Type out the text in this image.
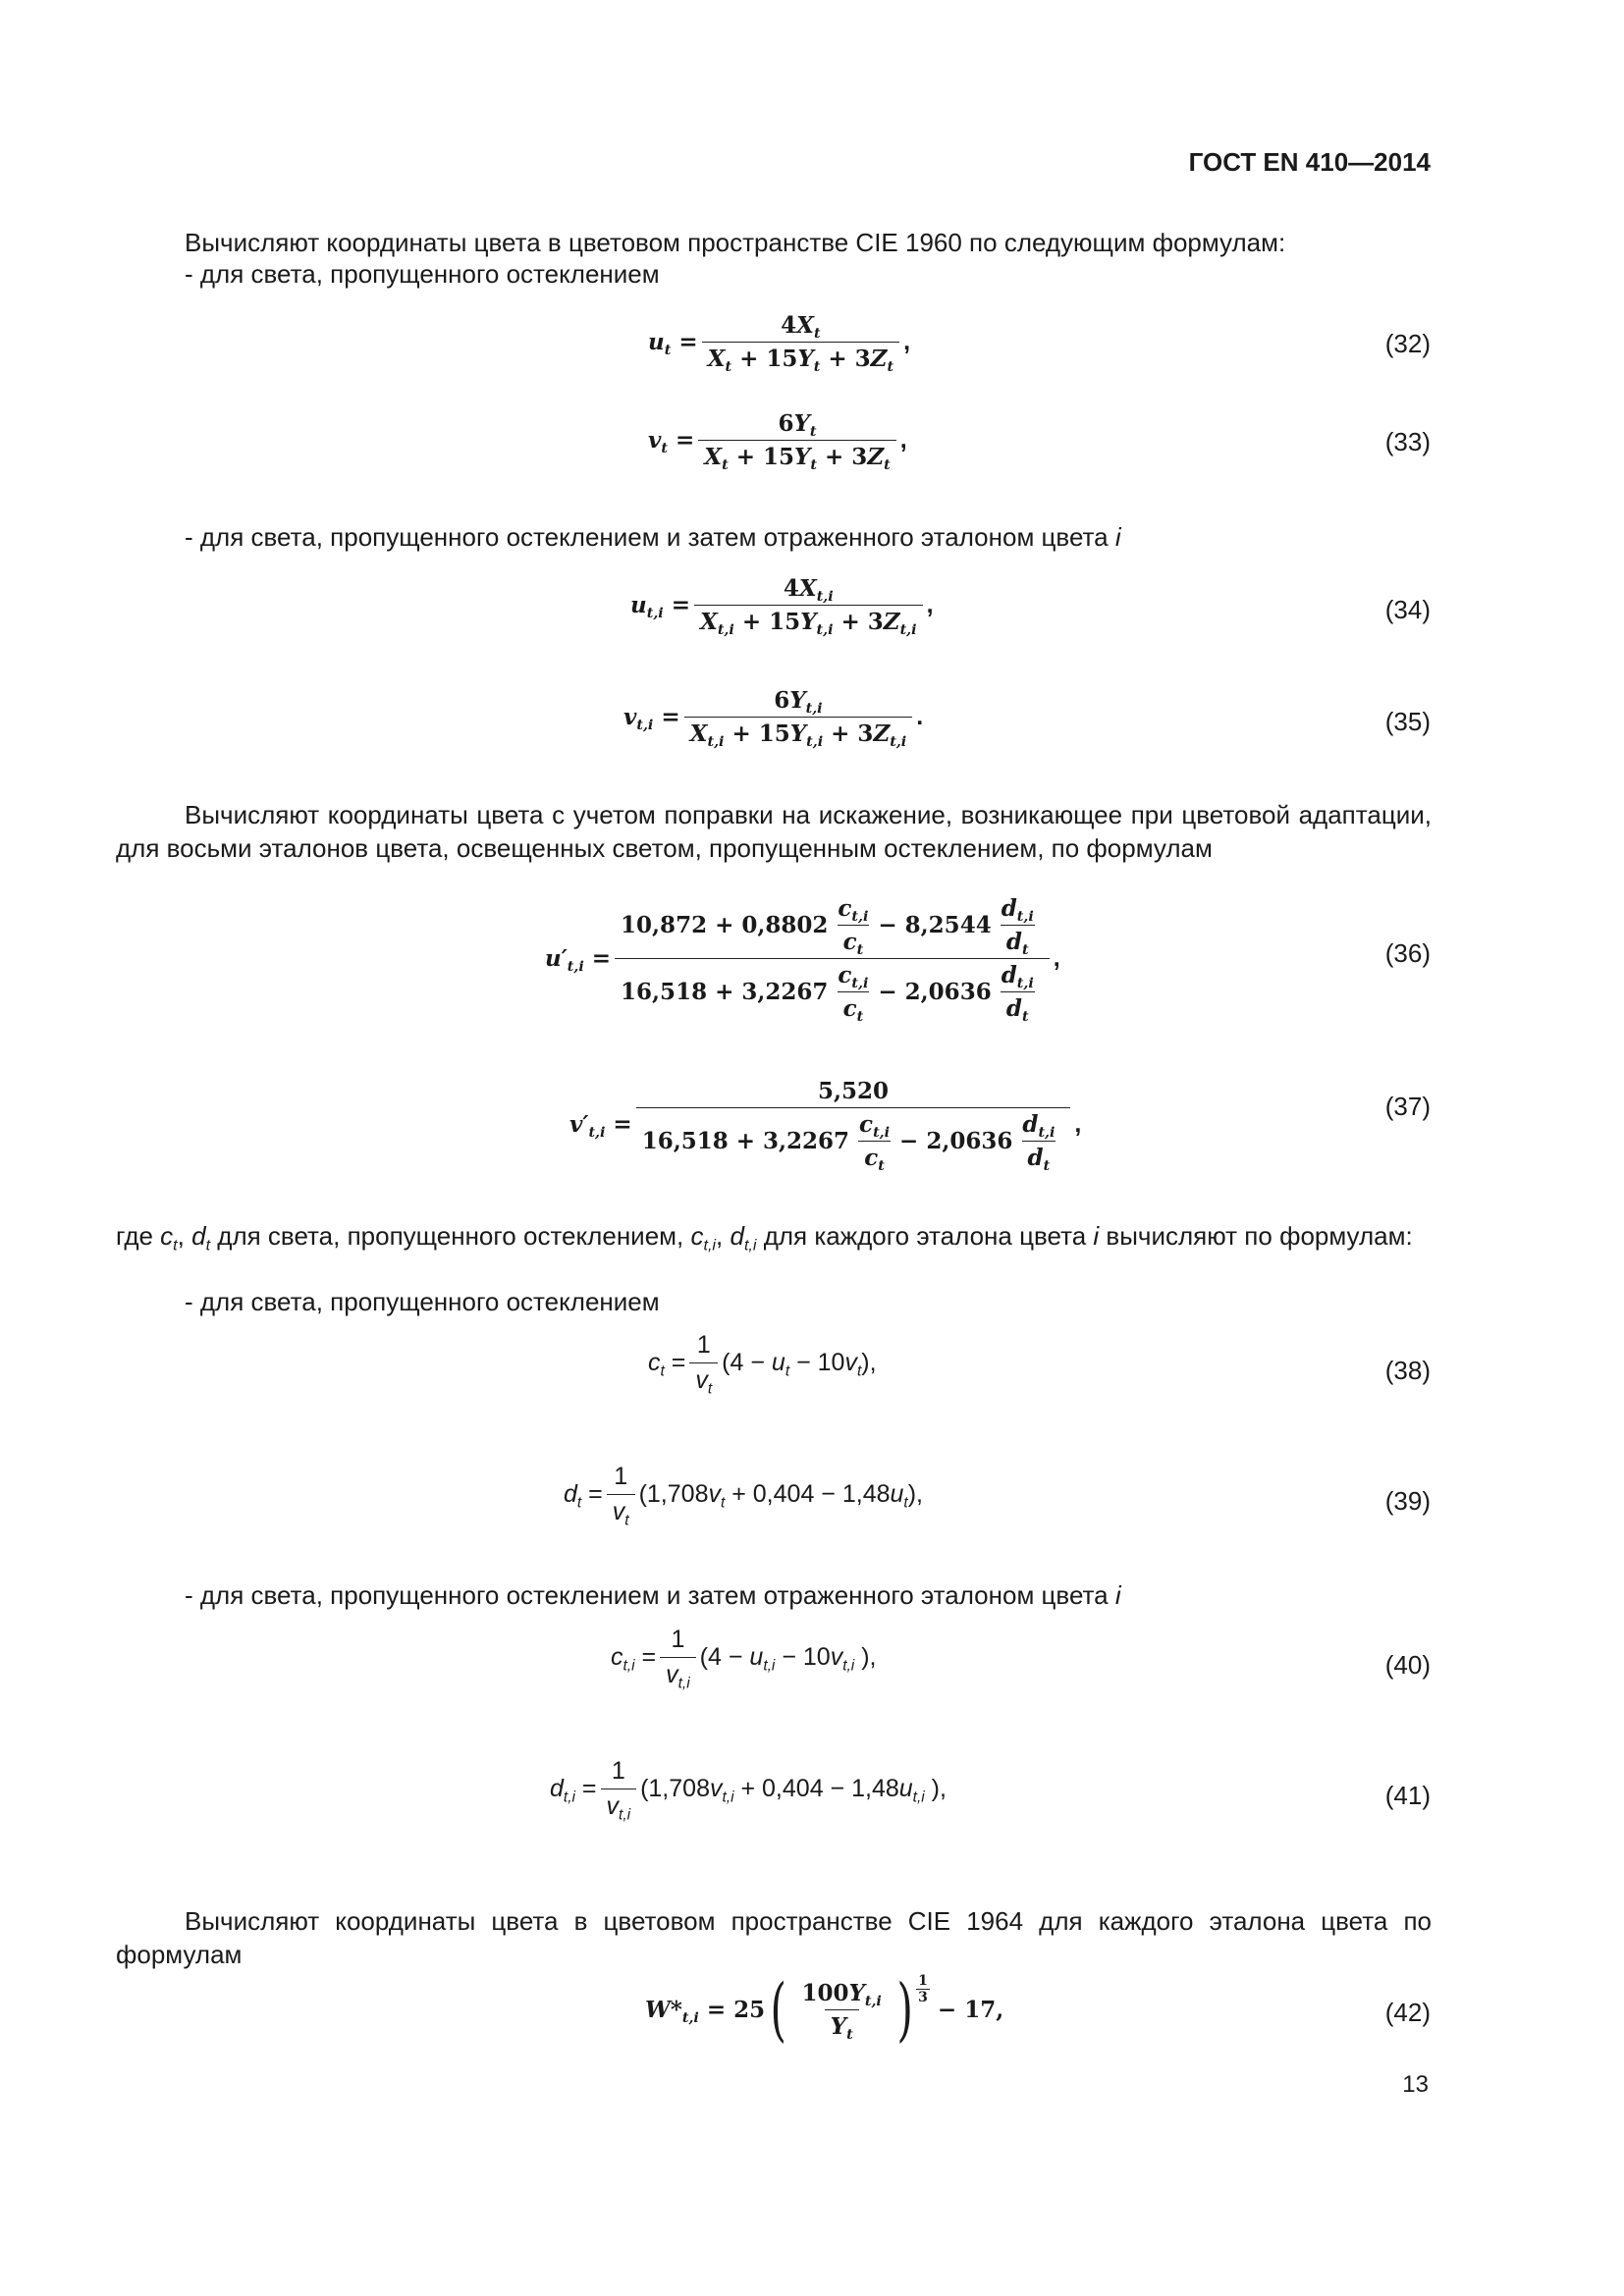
ГОСТ EN 410—2014
Вычисляют координаты цвета в цветовом пространстве CIE 1960 по следующим формулам:
- для света, пропущенного остеклением
$u_t = \frac{4X_t}{X_t + 15Y_t + 3Z_t}$ ,	(32)
$v_t = \frac{6Y_t}{X_t + 15Y_t + 3Z_t}$ ,	(33)
- для света, пропущенного остеклением и затем отраженного эталоном цвета i
$u_{t,i} = \frac{4X_{t,i}}{X_{t,i} + 15Y_{t,i} + 3Z_{t,i}}$ ,	(34)
$v_{t,i} = \frac{6Y_{t,i}}{X_{t,i} + 15Y_{t,i} + 3Z_{t,i}}$ .	(35)
Вычисляют координаты цвета с учетом поправки на искажение, возникающее при цветовой адаптации, для восьми эталонов цвета, освещенных светом, пропущенным остеклением, по формулам
$u'_{t,i} = \frac{10,872 + 0,8802 \frac{c_{t,i}}{c_t} - 8,2544 \frac{d_{t,i}}{d_t}}{16,518 + 3,2267 \frac{c_{t,i}}{c_t} - 2,0636 \frac{d_{t,i}}{d_t}}$ ,	(36)
$v'_{t,i} = \frac{5,520}{16,518 + 3,2267 \frac{c_{t,i}}{c_t} - 2,0636 \frac{d_{t,i}}{d_t}}$ ,
(37)
где $c_t$, $d_t$ для света, пропущенного остеклением, $c_{t,i}$, $d_{t,i}$ для каждого эталона цвета i вычисляют по формулам:
- для света, пропущенного остеклением
$c_t = \frac{1}{v_t} (4 - u_t - 10v_t)$,	(38)
$d_t = \frac{1}{v_t} (1,708v_t + 0,404 - 1,48u_t)$,	(39)
- для света, пропущенного остеклением и затем отраженного эталоном цвета i
$c_{t,i} = \frac{1}{v_{t,i}} (4 - u_{t,i} - 10v_{t,i}$ ),	(40)
$d_{t,i} = \frac{1}{v_{t,i}} (1,708v_{t,i} + 0,404 - 1,48u_{t,i}$ ),	(41)
Вычисляют координаты цвета в цветовом пространстве CIE 1964 для каждого эталона цвета по формулам
$W*_{t,i} = 25$ ( $\frac{100Y_{t,i}}{Y_t}$ ) 1
3 − 17,	(42)
13
